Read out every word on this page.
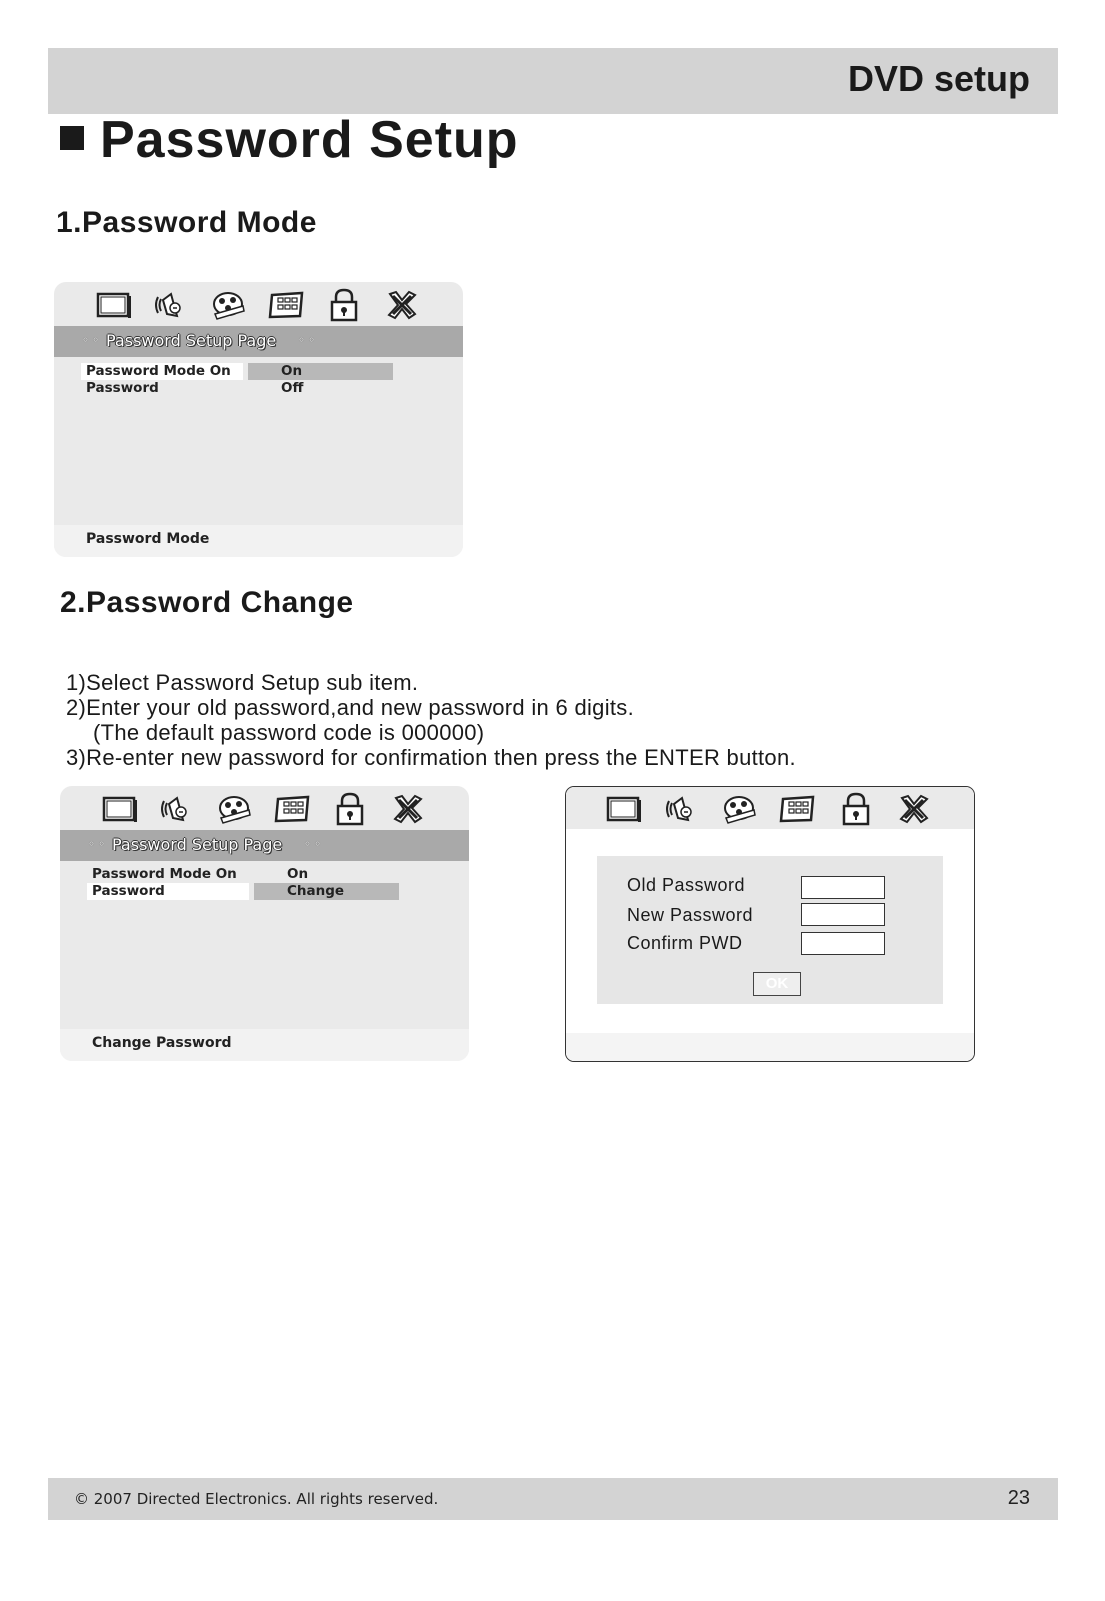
DVD setup
Password Setup
1.Password Mode
◦◦ Password Setup Page ◦◦
Password Mode On	On
Password	Off
Password Mode
2.Password Change
1)Select Password Setup sub item.
2)Enter your old password,and new password in 6 digits.
(The default password code is 000000)
3)Re-enter new password for confirmation then press the ENTER button.
◦◦ Password Setup Page ◦◦
Password Mode On	On
Password	Change
Change Password
Old Password
New Password
Confirm PWD
OK
© 2007 Directed Electronics. All rights reserved.	23
